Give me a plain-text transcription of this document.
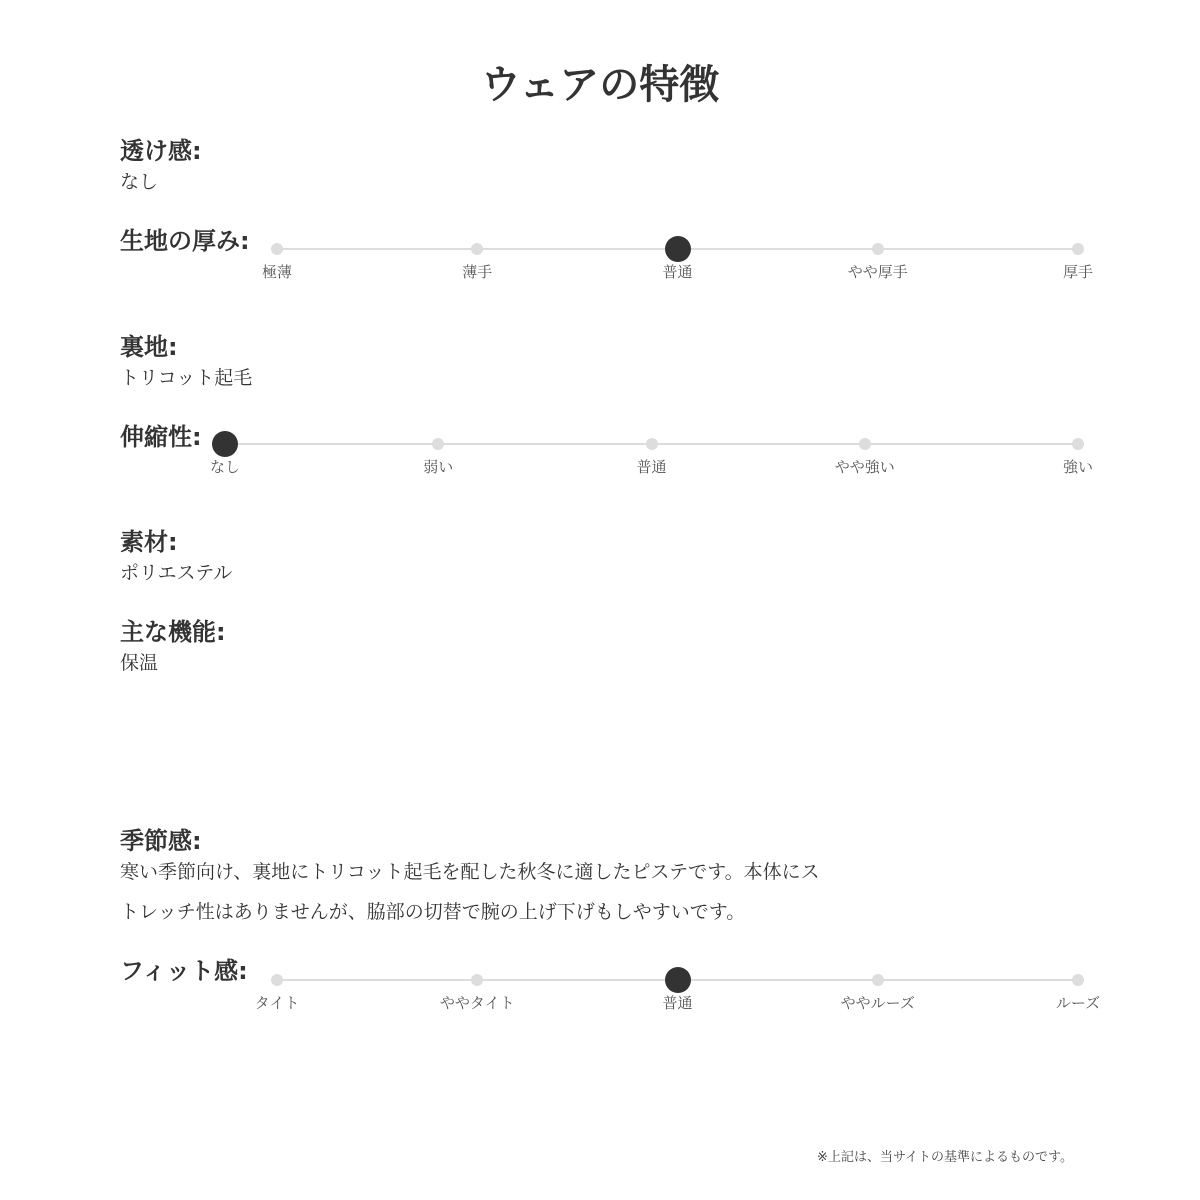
ウェアの特徴
透け感:
なし
生地の厚み:
極薄	薄手	普通	やや厚手	厚手
裏地:
トリコット起毛
伸縮性:
なし	弱い	普通	やや強い	強い
素材:
ポリエステル
主な機能:
保温
季節感:
寒い季節向け、裏地にトリコット起毛を配した秋冬に適したピステです。本体にス
トレッチ性はありませんが、脇部の切替で腕の上げ下げもしやすいです。
フィット感:
タイト	ややタイト	普通	ややルーズ	ルーズ
※上記は、当サイトの基準によるものです。
